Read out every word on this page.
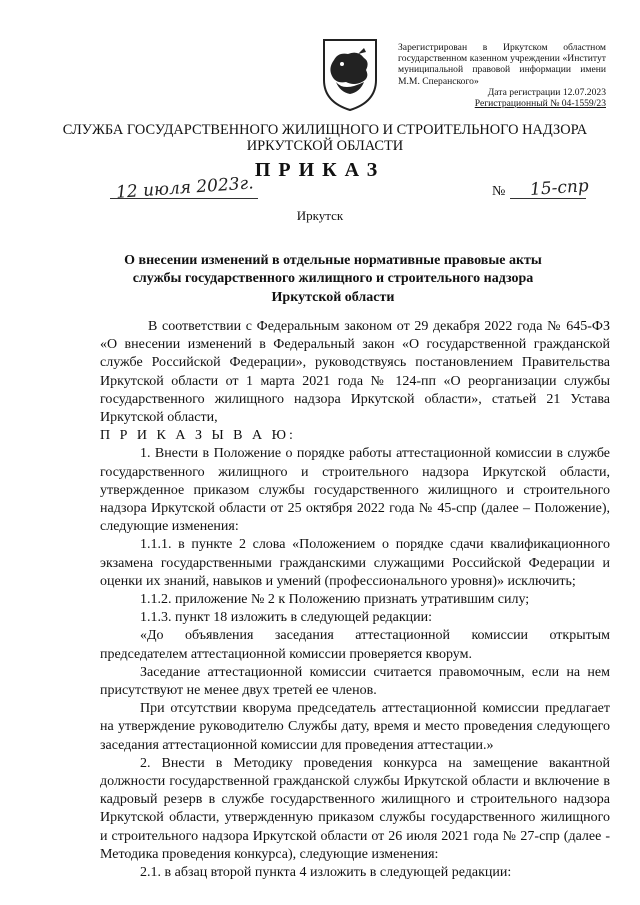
Зарегистрирован в Иркутском областном государственном казенном учреждении «Институт муниципальной правовой информации имени М.М. Сперанского»
Дата регистрации 12.07.2023
Регистрационный № 04-1559/23
СЛУЖБА ГОСУДАРСТВЕННОГО ЖИЛИЩНОГО И СТРОИТЕЛЬНОГО НАДЗОРА ИРКУТСКОЙ ОБЛАСТИ
ПРИКАЗ
12 июля 2023г.	№ 15-спр
Иркутск
О внесении изменений в отдельные нормативные правовые акты службы государственного жилищного и строительного надзора Иркутской области

В соответствии с Федеральным законом от 29 декабря 2022 года № 645-ФЗ «О внесении изменений в Федеральный закон «О государственной гражданской службе Российской Федерации», руководствуясь постановлением Правительства Иркутской области от 1 марта 2021 года № 124-пп «О реорганизации службы государственного жилищного надзора Иркутской области», статьей 21 Устава Иркутской области,

П Р И К А З Ы В А Ю:

1. Внести в Положение о порядке работы аттестационной комиссии в службе государственного жилищного и строительного надзора Иркутской области, утвержденное приказом службы государственного жилищного и строительного надзора Иркутской области от 25 октября 2022 года № 45-спр (далее – Положение), следующие изменения:

1.1.1. в пункте 2 слова «Положением о порядке сдачи квалификационного экзамена государственными гражданскими служащими Российской Федерации и оценки их знаний, навыков и умений (профессионального уровня)» исключить;

1.1.2. приложение № 2 к Положению признать утратившим силу;

1.1.3. пункт 18 изложить в следующей редакции:

«До объявления заседания аттестационной комиссии открытым председателем аттестационной комиссии проверяется кворум.

Заседание аттестационной комиссии считается правомочным, если на нем присутствуют не менее двух третей ее членов.

При отсутствии кворума председатель аттестационной комиссии предлагает на утверждение руководителю Службы дату, время и место проведения следующего заседания аттестационной комиссии для проведения аттестации.»

2. Внести в Методику проведения конкурса на замещение вакантной должности государственной гражданской службы Иркутской области и включение в кадровый резерв в службе государственного жилищного и строительного надзора Иркутской области, утвержденную приказом службы государственного жилищного и строительного надзора Иркутской области от 26 июля 2021 года № 27-спр (далее - Методика проведения конкурса), следующие изменения:

2.1. в абзац второй пункта 4 изложить в следующей редакции:
